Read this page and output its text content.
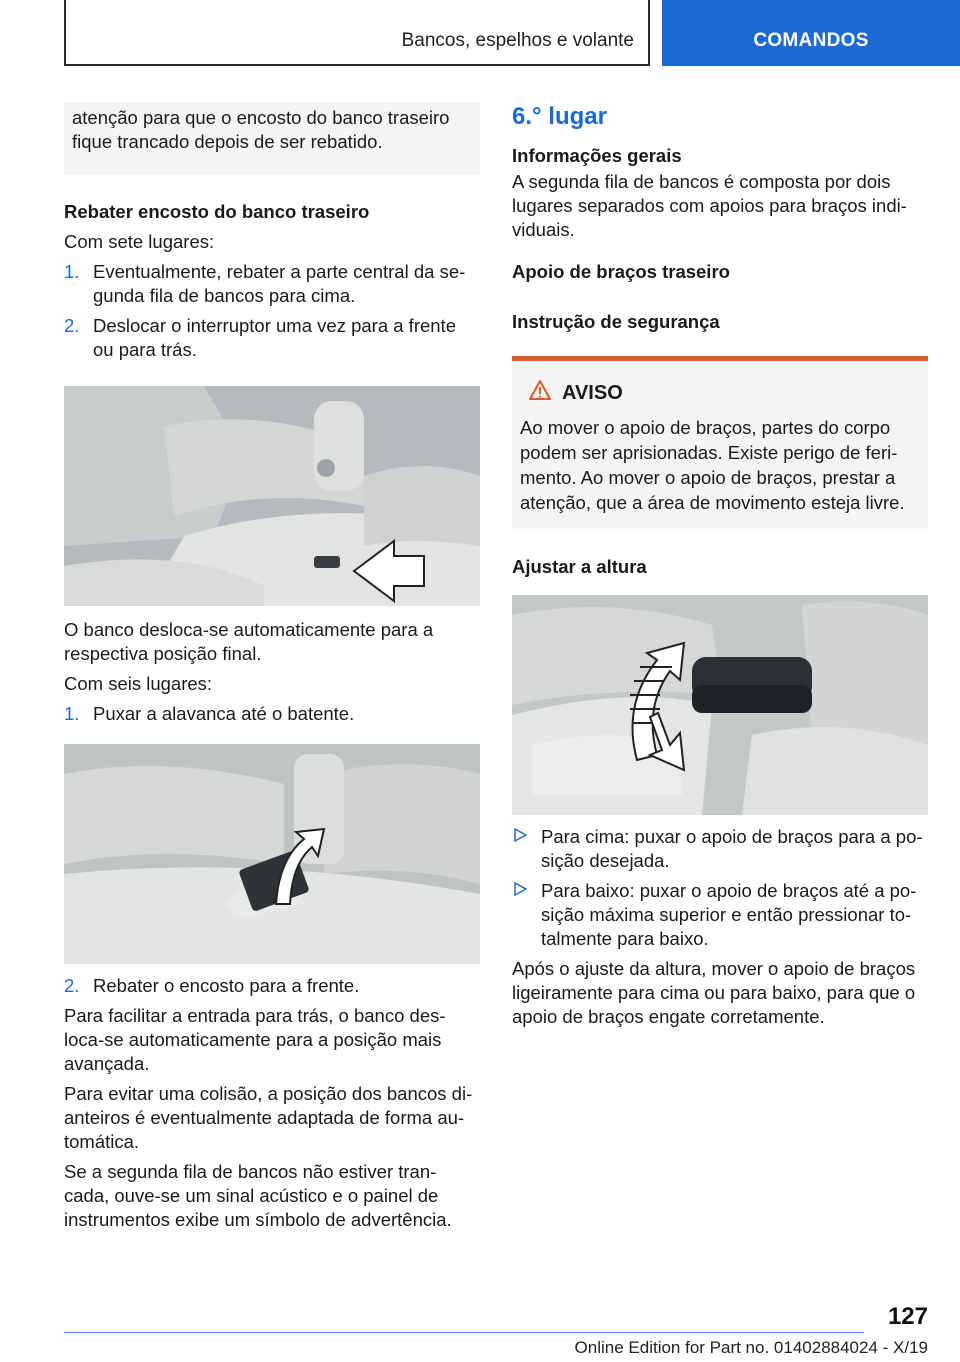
Bancos, espelhos e volante	COMANDOS
atenção para que o encosto do banco traseiro fique trancado depois de ser rebatido.
Rebater encosto do banco traseiro

Com sete lugares:

1. Eventualmente, rebater a parte central da se- gunda fila de bancos para cima.
2. Deslocar o interruptor uma vez para a frente ou para trás.

O banco desloca-se automaticamente para a respectiva posição final.

Com seis lugares:

1. Puxar a alavanca até o batente.
2. Rebater o encosto para a frente.

Para facilitar a entrada para trás, o banco des- loca-se automaticamente para a posição mais avançada.

Para evitar uma colisão, a posição dos bancos di- anteiros é eventualmente adaptada de forma au- tomática.

Se a segunda fila de bancos não estiver tran- cada, ouve-se um sinal acústico e o painel de instrumentos exibe um símbolo de advertência.

6.° lugar
Informações gerais

A segunda fila de bancos é composta por dois lugares separados com apoios para braços indi- viduais.

Apoio de braços traseiro
Instrução de segurança
AVISO
Ao mover o apoio de braços, partes do corpo podem ser aprisionadas. Existe perigo de feri- mento. Ao mover o apoio de braços, prestar a atenção, que a área de movimento esteja livre.
Ajustar a altura
Para cima: puxar o apoio de braços para a po- sição desejada.
Para baixo: puxar o apoio de braços até a po- sição máxima superior e então pressionar to- talmente para baixo.

Após o ajuste da altura, mover o apoio de braços ligeiramente para cima ou para baixo, para que o apoio de braços engate corretamente.

127
Online Edition for Part no. 01402884024 - X/19
